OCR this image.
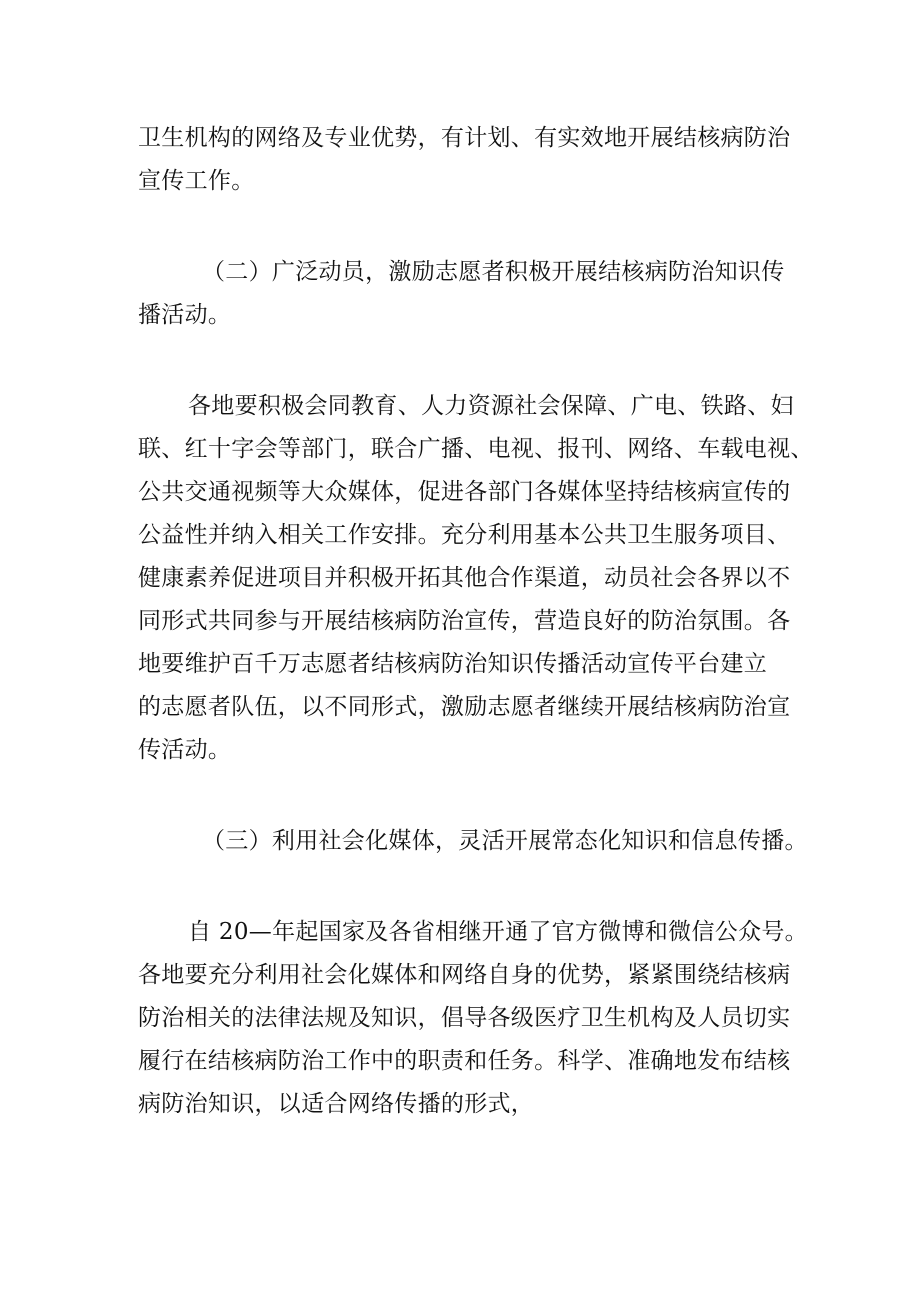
卫生机构的网络及专业优势，有计划、有实效地开展结核病防治
宣传工作。

（二）广泛动员，激励志愿者积极开展结核病防治知识传
播活动。

各地要积极会同教育、人力资源社会保障、广电、铁路、妇
联、红十字会等部门，联合广播、电视、报刊、网络、车载电视、
公共交通视频等大众媒体，促进各部门各媒体坚持结核病宣传的
公益性并纳入相关工作安排。充分利用基本公共卫生服务项目、
健康素养促进项目并积极开拓其他合作渠道，动员社会各界以不
同形式共同参与开展结核病防治宣传，营造良好的防治氛围。各
地要维护百千万志愿者结核病防治知识传播活动宣传平台建立
的志愿者队伍，以不同形式，激励志愿者继续开展结核病防治宣
传活动。

（三）利用社会化媒体，灵活开展常态化知识和信息传播。

自 20—年起国家及各省相继开通了官方微博和微信公众号。
各地要充分利用社会化媒体和网络自身的优势，紧紧围绕结核病
防治相关的法律法规及知识，倡导各级医疗卫生机构及人员切实
履行在结核病防治工作中的职责和任务。科学、准确地发布结核
病防治知识，以适合网络传播的形式，
